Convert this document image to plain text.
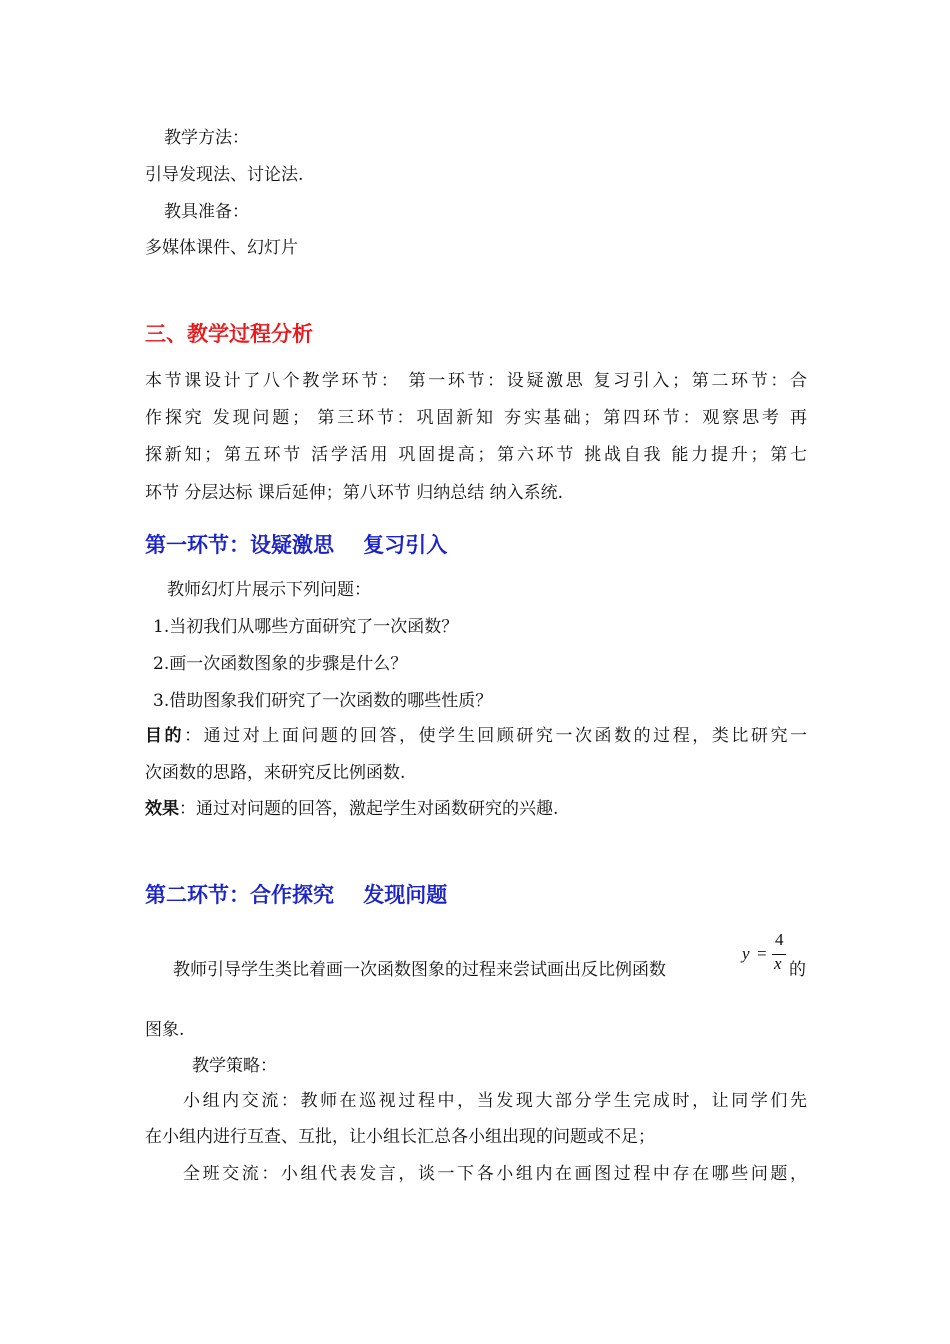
教学方法：
引导发现法、讨论法.
教具准备：
多媒体课件、幻灯片
三、教学过程分析
本节课设计了八个教学环节： 第一环节：设疑激思 复习引入；第二环节：合
作探究 发现问题； 第三环节：巩固新知 夯实基础；第四环节：观察思考 再
探新知；第五环节 活学活用 巩固提高；第六环节 挑战自我 能力提升；第七
环节 分层达标 课后延伸；第八环节 归纳总结 纳入系统.
第一环节：设疑激思    复习引入
教师幻灯片展示下列问题：
1.当初我们从哪些方面研究了一次函数？
2.画一次函数图象的步骤是什么？
3.借助图象我们研究了一次函数的哪些性质？
目的：通过对上面问题的回答，使学生回顾研究一次函数的过程，类比研究一
次函数的思路，来研究反比例函数.
效果：通过对问题的回答，激起学生对函数研究的兴趣.
第二环节：合作探究    发现问题
教师引导学生类比着画一次函数图象的过程来尝试画出反比例函数
y =
4
x 的
图象.
教学策略：
小组内交流：教师在巡视过程中，当发现大部分学生完成时，让同学们先
在小组内进行互查、互批，让小组长汇总各小组出现的问题或不足；
全班交流：小组代表发言，谈一下各小组内在画图过程中存在哪些问题，
